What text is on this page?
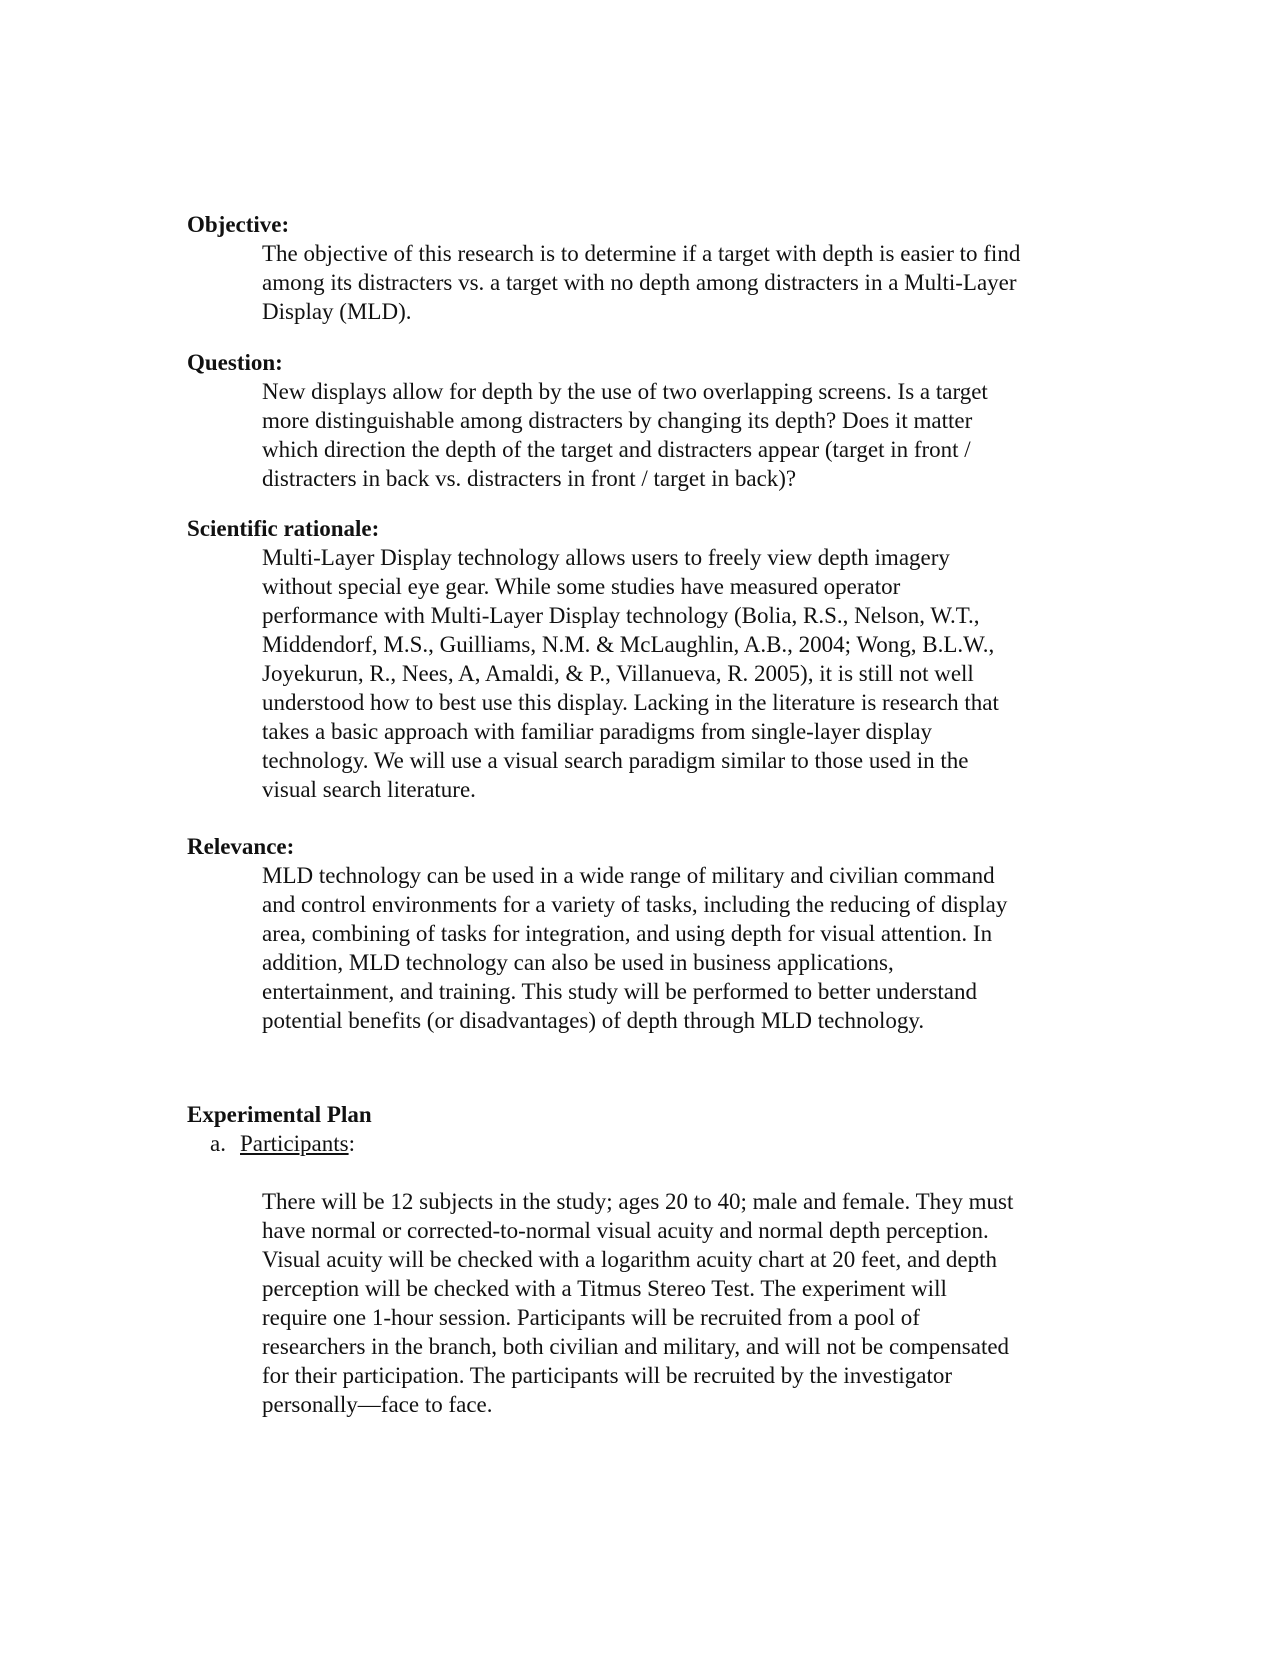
Objective:

The objective of this research is to determine if a target with depth is easier to find
among its distracters vs. a target with no depth among distracters in a Multi-Layer
Display (MLD).

Question:

New displays allow for depth by the use of two overlapping screens. Is a target
more distinguishable among distracters by changing its depth? Does it matter
which direction the depth of the target and distracters appear (target in front /
distracters in back vs. distracters in front / target in back)?

Scientific rationale:

Multi-Layer Display technology allows users to freely view depth imagery
without special eye gear. While some studies have measured operator
performance with Multi-Layer Display technology (Bolia, R.S., Nelson, W.T.,
Middendorf, M.S., Guilliams, N.M. & McLaughlin, A.B., 2004; Wong, B.L.W.,
Joyekurun, R., Nees, A, Amaldi, & P., Villanueva, R. 2005), it is still not well
understood how to best use this display. Lacking in the literature is research that
takes a basic approach with familiar paradigms from single-layer display
technology. We will use a visual search paradigm similar to those used in the
visual search literature.

Relevance:

MLD technology can be used in a wide range of military and civilian command
and control environments for a variety of tasks, including the reducing of display
area, combining of tasks for integration, and using depth for visual attention. In
addition, MLD technology can also be used in business applications,
entertainment, and training. This study will be performed to better understand
potential benefits (or disadvantages) of depth through MLD technology.

Experimental Plan

a. Participants:

There will be 12 subjects in the study; ages 20 to 40; male and female. They must
have normal or corrected-to-normal visual acuity and normal depth perception.
Visual acuity will be checked with a logarithm acuity chart at 20 feet, and depth
perception will be checked with a Titmus Stereo Test. The experiment will
require one 1-hour session. Participants will be recruited from a pool of
researchers in the branch, both civilian and military, and will not be compensated
for their participation. The participants will be recruited by the investigator
personally—face to face.
